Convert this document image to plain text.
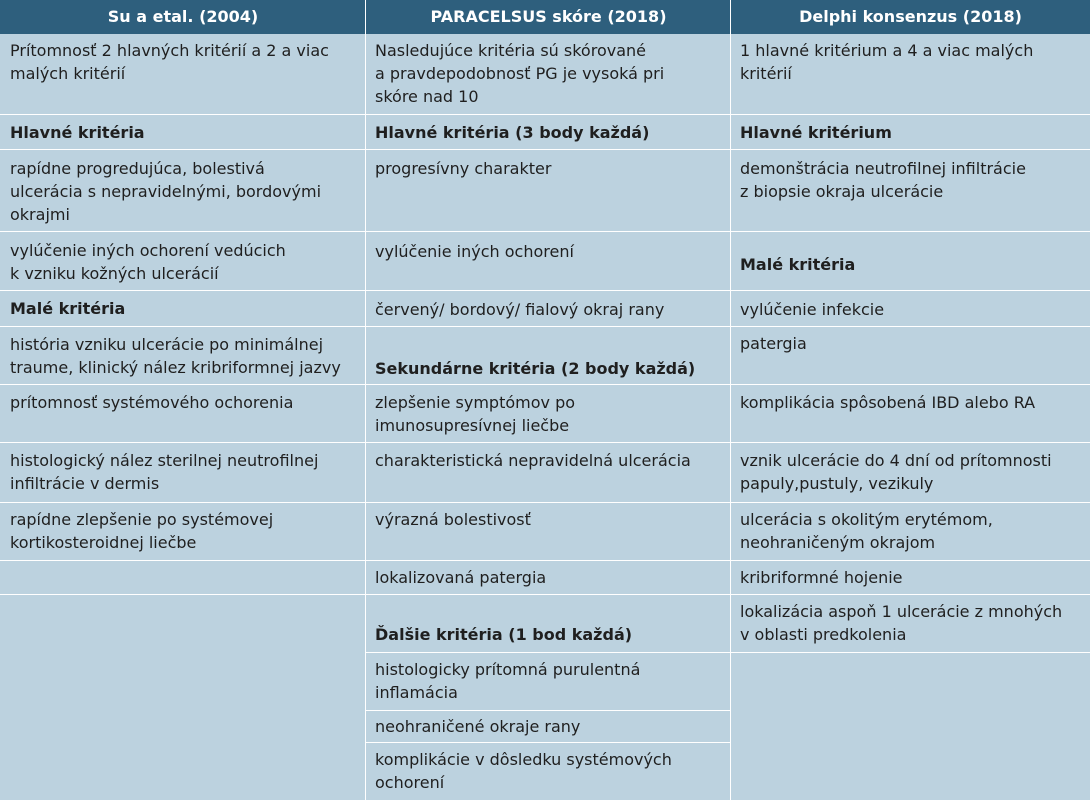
Su a etal. (2004)	PARACELSUS skóre (2018)	Delphi konsenzus (2018)
Prítomnosť 2 hlavných kritérií a 2 a viac
malých kritérií
Hlavné kritéria
rapídne progredujúca, bolestivá
ulcerácia s nepravidelnými, bordovými
okrajmi
vylúčenie iných ochorení vedúcich
k vzniku kožných ulcerácií
Malé kritéria
história vzniku ulcerácie po minimálnej
traume, klinický nález kribriformnej jazvy
prítomnosť systémového ochorenia
histologický nález sterilnej neutrofilnej
infiltrácie v dermis
rapídne zlepšenie po systémovej
kortikosteroidnej liečbe
Nasledujúce kritéria sú skórované
a pravdepodobnosť PG je vysoká pri
skóre nad 10
Hlavné kritéria (3 body každá)
progresívny charakter
vylúčenie iných ochorení
červený/ bordový/ fialový okraj rany
Sekundárne kritéria (2 body každá)
zlepšenie symptómov po
imunosupresívnej liečbe
charakteristická nepravidelná ulcerácia
výrazná bolestivosť
lokalizovaná patergia
Ďalšie kritéria (1 bod každá)
histologicky prítomná purulentná
inflamácia
neohraničené okraje rany
komplikácie v dôsledku systémových
ochorení
1 hlavné kritérium a 4 a viac malých
kritérií
Hlavné kritérium
demonštrácia neutrofilnej infiltrácie
z biopsie okraja ulcerácie
Malé kritéria
vylúčenie infekcie
patergia
komplikácia spôsobená IBD alebo RA
vznik ulcerácie do 4 dní od prítomnosti
papuly,pustuly, vezikuly
ulcerácia s okolitým erytémom,
neohraničeným okrajom
kribriformné hojenie
lokalizácia aspoň 1 ulcerácie z mnohých
v oblasti predkolenia
